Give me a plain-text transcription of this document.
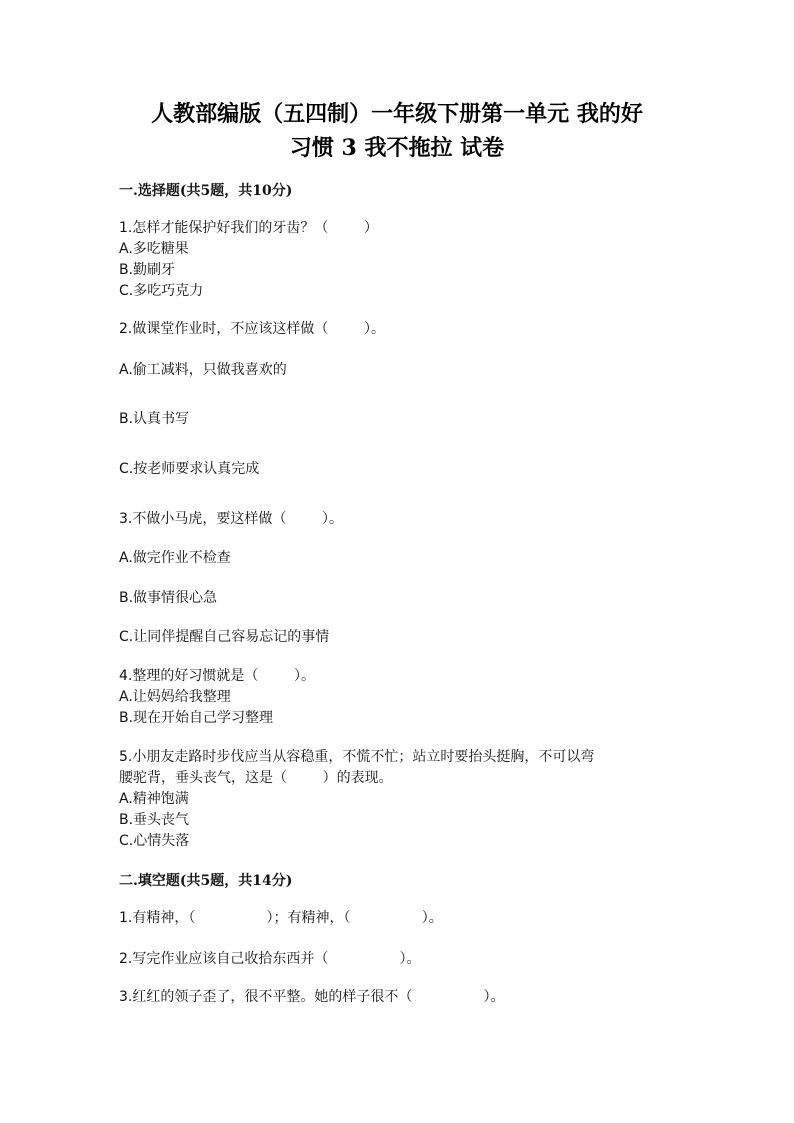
人教部编版（五四制）一年级下册第一单元 我的好
习惯 3 我不拖拉 试卷
一.选择题(共5题，共10分)
1.怎样才能保护好我们的牙齿？（        ）
A.多吃糖果
B.勤刷牙
C.多吃巧克力
2.做课堂作业时，不应该这样做（        ）。
A.偷工减料，只做我喜欢的
B.认真书写
C.按老师要求认真完成
3.不做小马虎，要这样做（        ）。
A.做完作业不检查
B.做事情很心急
C.让同伴提醒自己容易忘记的事情
4.整理的好习惯就是（        ）。
A.让妈妈给我整理
B.现在开始自己学习整理
5.小朋友走路时步伐应当从容稳重，不慌不忙；站立时要抬头挺胸，不可以弯
腰驼背，垂头丧气，这是（        ）的表现。
A.精神饱满
B.垂头丧气
C.心情失落
二.填空题(共5题，共14分)
1.有精神，（                ）；有精神，（                ）。
2.写完作业应该自己收拾东西并（                ）。
3.红红的领子歪了，很不平整。她的样子很不（                ）。
